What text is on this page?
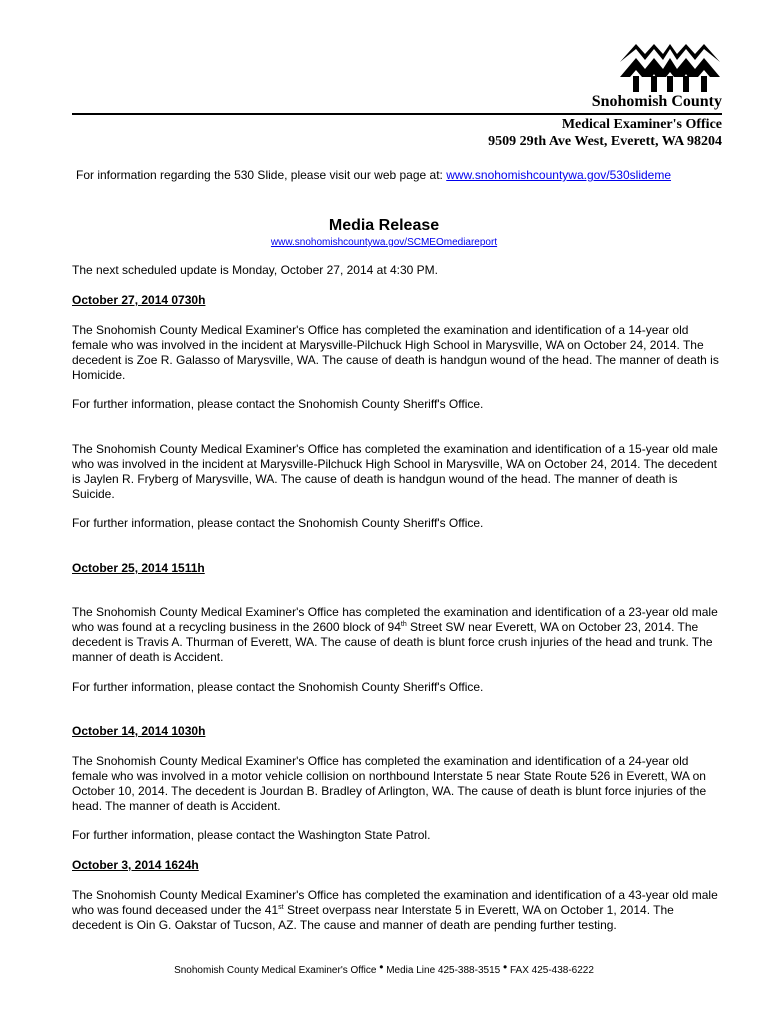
Snohomish County
Medical Examiner's Office
9509 29th Ave West, Everett, WA 98204
For information regarding the 530 Slide, please visit our web page at: www.snohomishcountywa.gov/530slideme
Media Release
www.snohomishcountywa.gov/SCMEOmediareport
The next scheduled update is Monday, October 27, 2014 at 4:30 PM.
October 27, 2014 0730h
The Snohomish County Medical Examiner's Office has completed the examination and identification of a 14-year old female who was involved in the incident at Marysville-Pilchuck High School in Marysville, WA on October 24, 2014. The decedent is Zoe R. Galasso of Marysville, WA. The cause of death is handgun wound of the head. The manner of death is Homicide.
For further information, please contact the Snohomish County Sheriff's Office.
The Snohomish County Medical Examiner's Office has completed the examination and identification of a 15-year old male who was involved in the incident at Marysville-Pilchuck High School in Marysville, WA on October 24, 2014. The decedent is Jaylen R. Fryberg of Marysville, WA. The cause of death is handgun wound of the head. The manner of death is Suicide.
For further information, please contact the Snohomish County Sheriff's Office.
October 25, 2014 1511h
The Snohomish County Medical Examiner's Office has completed the examination and identification of a 23-year old male who was found at a recycling business in the 2600 block of 94th Street SW near Everett, WA on October 23, 2014. The decedent is Travis A. Thurman of Everett, WA. The cause of death is blunt force crush injuries of the head and trunk. The manner of death is Accident.
For further information, please contact the Snohomish County Sheriff's Office.
October 14, 2014 1030h
The Snohomish County Medical Examiner's Office has completed the examination and identification of a 24-year old female who was involved in a motor vehicle collision on northbound Interstate 5 near State Route 526 in Everett, WA on October 10, 2014. The decedent is Jourdan B. Bradley of Arlington, WA. The cause of death is blunt force injuries of the head. The manner of death is Accident.
For further information, please contact the Washington State Patrol.
October 3, 2014 1624h
The Snohomish County Medical Examiner's Office has completed the examination and identification of a 43-year old male who was found deceased under the 41st Street overpass near Interstate 5 in Everett, WA on October 1, 2014. The decedent is Oin G. Oakstar of Tucson, AZ. The cause and manner of death are pending further testing.
Snohomish County Medical Examiner's Office • Media Line 425-388-3515 • FAX 425-438-6222
